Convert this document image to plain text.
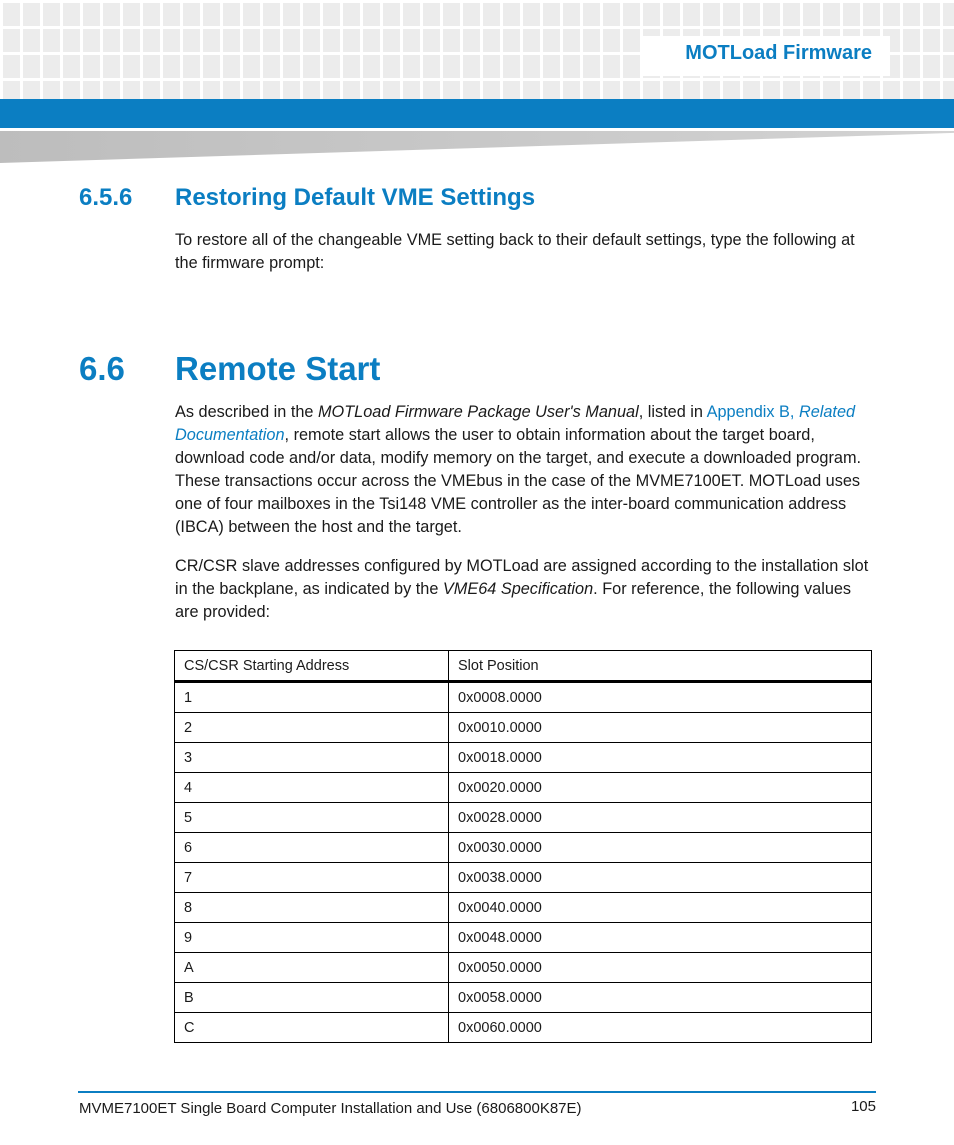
MOTLoad Firmware
6.5.6 Restoring Default VME Settings

To restore all of the changeable VME setting back to their default settings, type the following at the firmware prompt:

6.6 Remote Start

As described in the MOTLoad Firmware Package User's Manual, listed in Appendix B, Related Documentation, remote start allows the user to obtain information about the target board, download code and/or data, modify memory on the target, and execute a downloaded program. These transactions occur across the VMEbus in the case of the MVME7100ET. MOTLoad uses one of four mailboxes in the Tsi148 VME controller as the inter-board communication address (IBCA) between the host and the target.

CR/CSR slave addresses configured by MOTLoad are assigned according to the installation slot in the backplane, as indicated by the VME64 Specification. For reference, the following values are provided:

CS/CSR Starting Address	Slot Position
1	0x0008.0000
2	0x0010.0000
3	0x0018.0000
4	0x0020.0000
5	0x0028.0000
6	0x0030.0000
7	0x0038.0000
8	0x0040.0000
9	0x0048.0000
A	0x0050.0000
B	0x0058.0000
C	0x0060.0000
MVME7100ET Single Board Computer Installation and Use (6806800K87E)	105
